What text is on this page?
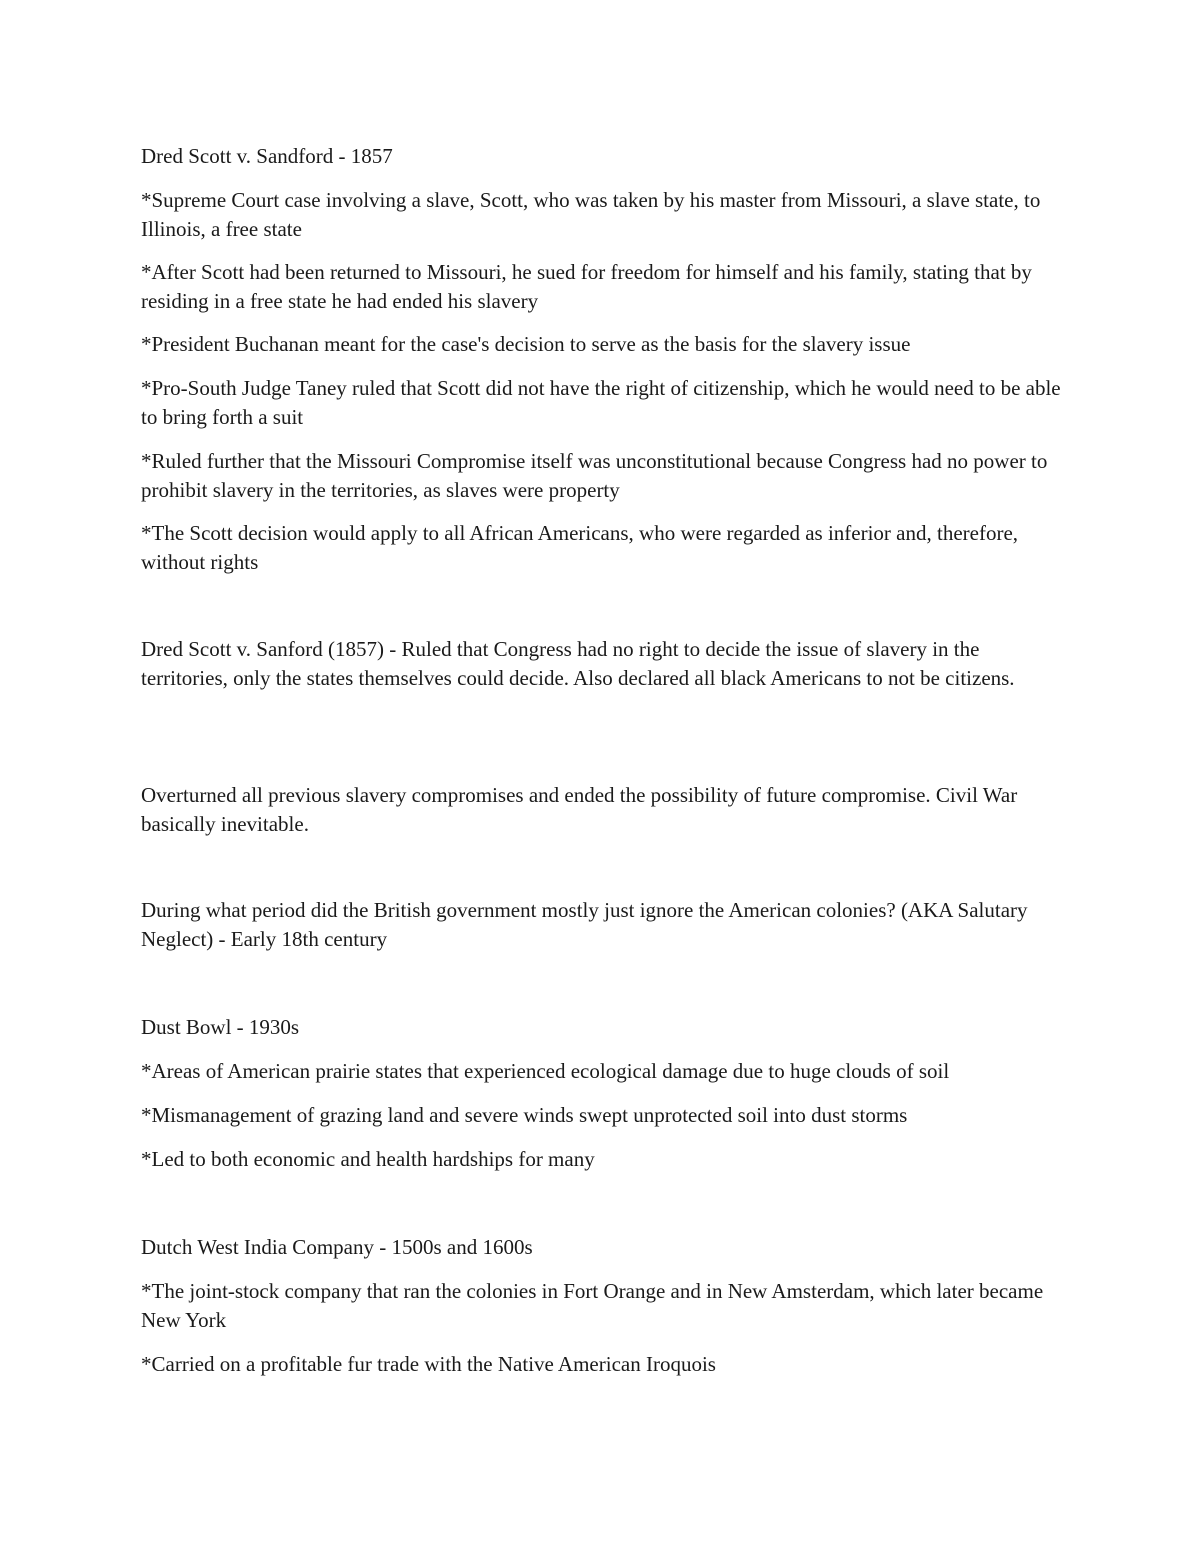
Dred Scott v. Sandford - 1857

*Supreme Court case involving a slave, Scott, who was taken by his master from Missouri, a slave state, to Illinois, a free state

*After Scott had been returned to Missouri, he sued for freedom for himself and his family, stating that by residing in a free state he had ended his slavery

*President Buchanan meant for the case's decision to serve as the basis for the slavery issue

*Pro-South Judge Taney ruled that Scott did not have the right of citizenship, which he would need to be able to bring forth a suit

*Ruled further that the Missouri Compromise itself was unconstitutional because Congress had no power to prohibit slavery in the territories, as slaves were property

*The Scott decision would apply to all African Americans, who were regarded as inferior and, therefore, without rights

Dred Scott v. Sanford (1857) - Ruled that Congress had no right to decide the issue of slavery in the territories, only the states themselves could decide. Also declared all black Americans to not be citizens.

Overturned all previous slavery compromises and ended the possibility of future compromise. Civil War basically inevitable.

During what period did the British government mostly just ignore the American colonies? (AKA Salutary Neglect) - Early 18th century

Dust Bowl - 1930s

*Areas of American prairie states that experienced ecological damage due to huge clouds of soil

*Mismanagement of grazing land and severe winds swept unprotected soil into dust storms

*Led to both economic and health hardships for many

Dutch West India Company - 1500s and 1600s

*The joint-stock company that ran the colonies in Fort Orange and in New Amsterdam, which later became New York

*Carried on a profitable fur trade with the Native American Iroquois
